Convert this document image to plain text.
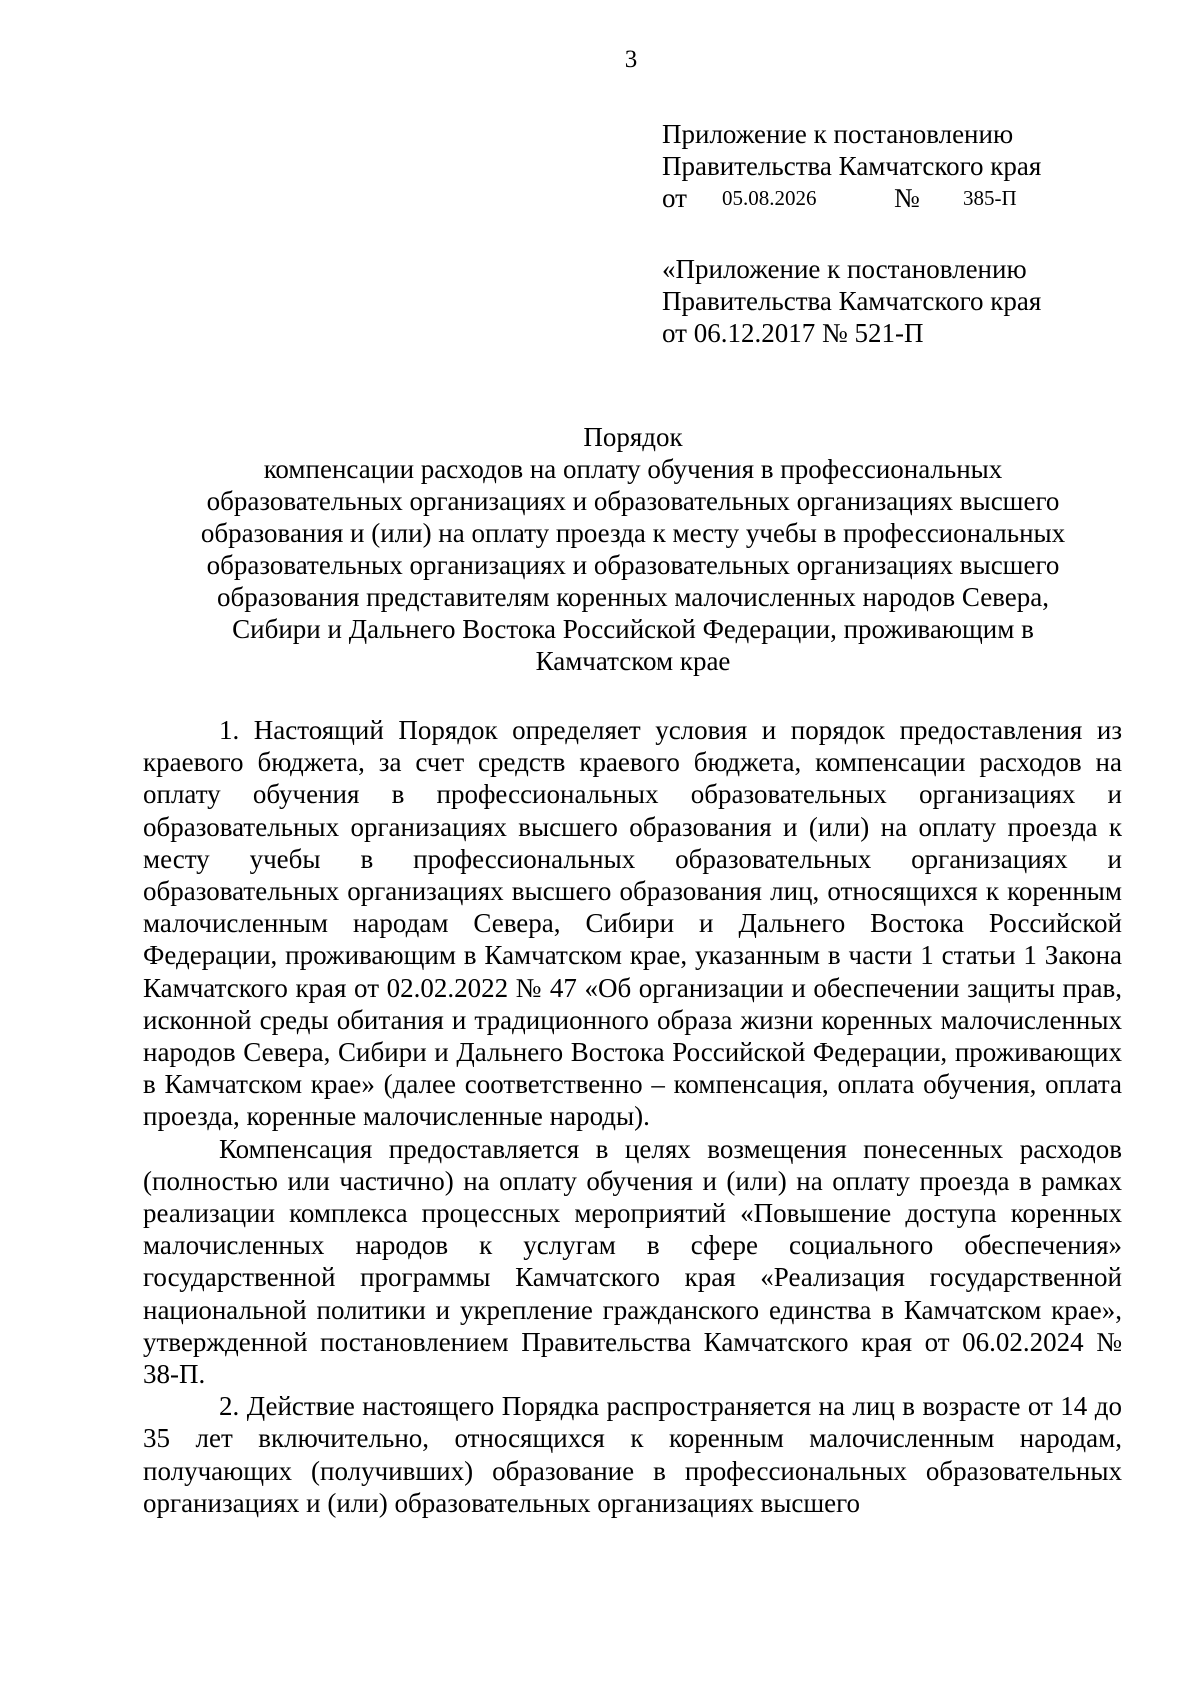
3
Приложение к постановлению
Правительства Камчатского края
от 05.08.2026	№ 385-П
«Приложение к постановлению
Правительства Камчатского края
от 06.12.2017 № 521-П
Порядок
компенсации расходов на оплату обучения в профессиональных
образовательных организациях и образовательных организациях высшего
образования и (или) на оплату проезда к месту учебы в профессиональных
образовательных организациях и образовательных организациях высшего
образования представителям коренных малочисленных народов Севера,
Сибири и Дальнего Востока Российской Федерации, проживающим в
Камчатском крае

1. Настоящий Порядок определяет условия и порядок предоставления из краевого бюджета, за счет средств краевого бюджета, компенсации расходов на оплату обучения в профессиональных образовательных организациях и образовательных организациях высшего образования и (или) на оплату проезда к месту учебы в профессиональных образовательных организациях и образовательных организациях высшего образования лиц, относящихся к коренным малочисленным народам Севера, Сибири и Дальнего Востока Российской Федерации, проживающим в Камчатском крае, указанным в части 1 статьи 1 Закона Камчатского края от 02.02.2022 № 47 «Об организации и обеспечении защиты прав, исконной среды обитания и традиционного образа жизни коренных малочисленных народов Севера, Сибири и Дальнего Востока Российской Федерации, проживающих в Камчатском крае» (далее соответственно – компенсация, оплата обучения, оплата проезда, коренные малочисленные народы).

Компенсация предоставляется в целях возмещения понесенных расходов (полностью или частично) на оплату обучения и (или) на оплату проезда в рамках реализации комплекса процессных мероприятий «Повышение доступа коренных малочисленных народов к услугам в сфере социального обеспечения» государственной программы Камчатского края «Реализация государственной национальной политики и укрепление гражданского единства в Камчатском крае», утвержденной постановлением Правительства Камчатского края от 06.02.2024 № 38-П.

2. Действие настоящего Порядка распространяется на лиц в возрасте от 14 до 35 лет включительно, относящихся к коренным малочисленным народам, получающих (получивших) образование в профессиональных образовательных организациях и (или) образовательных организациях высшего
